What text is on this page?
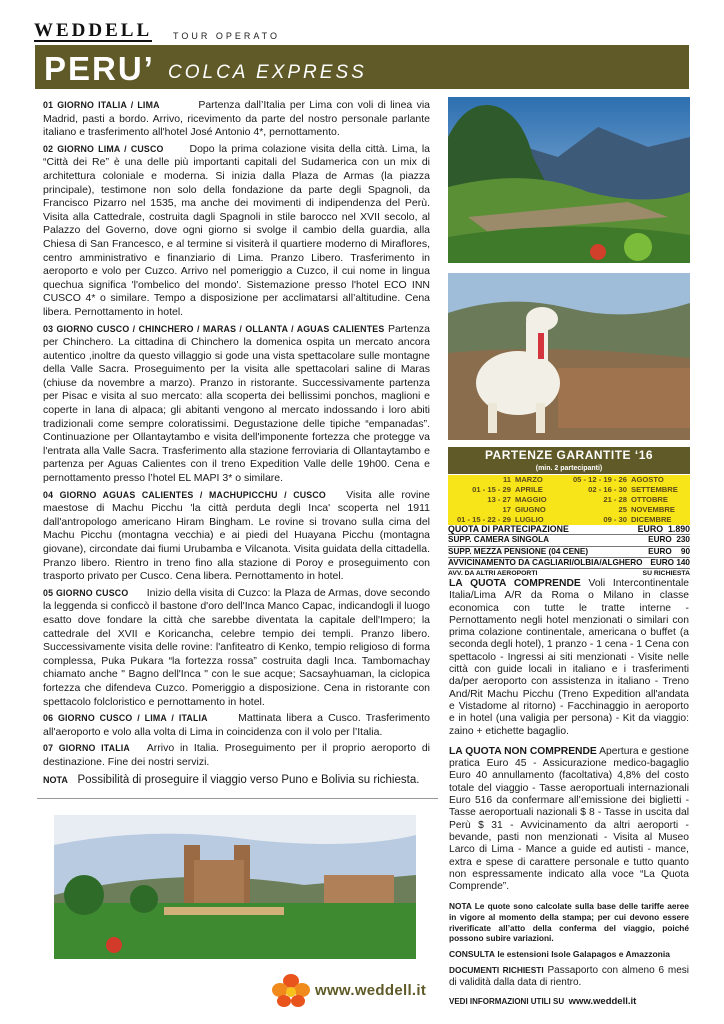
WEDDELL TOUR OPERATO
PERU’ COLCA EXPRESS

01 GIORNO ITALIA / LIMA	Partenza dall’Italia per Lima con voli di linea via Madrid, pasti a bordo. Arrivo, ricevimento da parte del nostro personale parlante italiano e trasferimento all'hotel José Antonio 4*, pernottamento.

02 GIORNO LIMA / CUSCO Dopo la prima colazione visita della città. Lima, la “Città dei Re” è una delle più importanti capitali del Sudamerica con un mix di architettura coloniale e moderna. Si inizia dalla Plaza de Armas (la piazza principale), testimone non solo della fondazione da parte degli Spagnoli, da Francisco Pizarro nel 1535, ma anche dei movimenti di indipendenza del Perù. Visita alla Cattedrale, costruita dagli Spagnoli in stile barocco nel XVII secolo, al Palazzo del Governo, dove ogni giorno si svolge il cambio della guardia, alla Chiesa di San Francesco, e al termine si visiterà il quartiere moderno di Miraflores, centro amministrativo e finanziario di Lima. Pranzo Libero. Trasferimento in aeroporto e volo per Cuzco. Arrivo nel pomeriggio a Cuzco, il cui nome in lingua quechua significa 'l'ombelico del mondo'. Sistemazione presso l'hotel ECO INN CUSCO 4* o similare. Tempo a disposizione per acclimatarsi all’altitudine. Cena libera. Pernottamento in hotel.

03 GIORNO CUSCO / CHINCHERO / MARAS / OLLANTA / AGUAS CALIENTES Partenza per Chinchero. La cittadina di Chinchero la domenica ospita un mercato ancora autentico ,inoltre da questo villaggio si gode una vista spettacolare sulle montagne della Valle Sacra. Proseguimento per la visita alle spettacolari saline di Maras (chiuse da novembre a marzo). Pranzo in ristorante. Successivamente partenza per Pisac e visita al suo mercato: alla scoperta dei bellissimi ponchos, maglioni e coperte in lana di alpaca; gli abitanti vengono al mercato indossando i loro abiti tradizionali come sempre coloratissimi. Degustazione delle tipiche “empanadas”. Continuazione per Ollantaytambo e visita dell'imponente fortezza che protegge va l'entrata alla Valle Sacra. Trasferimento alla stazione ferroviaria di Ollantaytambo e partenza per Aguas Calientes con il treno Expedition Valle delle 19h00. Cena e pernottamento presso l’hotel EL MAPI 3* o similare.

04 GIORNO AGUAS CALIENTES / MACHUPICCHU / CUSCO Visita alle rovine maestose di Machu Picchu 'la città perduta degli Inca' scoperta nel 1911 dall'antropologo americano Hiram Bingham. Le rovine si trovano sulla cima del Machu Picchu (montagna vecchia) e ai piedi del Huayana Picchu (montagna giovane), circondate dai fiumi Urubamba e Vilcanota. Visita guidata della cittadella. Pranzo libero. Rientro in treno fino alla stazione di Poroy e proseguimento con trasporto privato per Cusco. Cena libera. Pernottamento in hotel.

05 GIORNO CUSCO Inizio della visita di Cuzco: la Plaza de Armas, dove secondo la leggenda si conficcò il bastone d'oro dell'Inca Manco Capac, indicandogli il luogo esatto dove fondare la città che sarebbe diventata la capitale dell'Impero; la cattedrale del XVII e Koricancha, celebre tempio dei templi. Pranzo libero. Successivamente visita delle rovine: l'anfiteatro di Kenko, tempio religioso di forma complessa, Puka Pukara “la fortezza rossa” costruita dagli Inca. Tambomachay chiamato anche " Bagno dell'Inca " con le sue acque; Sacsayhuaman, la ciclopica fortezza che difendeva Cuzco. Pomeriggio a disposizione. Cena in ristorante con spettacolo folcloristico e pernottamento in hotel.

06 GIORNO CUSCO / LIMA / ITALIA	Mattinata libera a Cusco. Trasferimento all'aeroporto e volo alla volta di Lima in coincidenza con il volo per l’Italia.

07 GIORNO ITALIA Arrivo in Italia. Proseguimento per il proprio aeroporto di destinazione. Fine dei nostri servizi.

NOTA Possibilità di proseguire il viaggio verso Puno e Bolivia su richiesta.

PARTENZE GARANTITE ‘16
(min. 2 partecipanti)
11	MARZO	05 - 12 - 19 - 26	AGOSTO
01 - 15 - 29	APRILE	02 - 16 - 30	SETTEMBRE
13 - 27	MAGGIO	21 - 28	OTTOBRE
17	GIUGNO	25	NOVEMBRE
01 - 15 - 22 - 29	LUGLIO	09 - 30	DICEMBRE
QUOTA DI PARTECIPAZIONE	EURO 1.890
SUPP. CAMERA SINGOLA	EURO 230
SUPP. MEZZA PENSIONE (04 CENE)	EURO 90
AVVICINAMENTO DA CAGLIARI/OLBIA/ALGHERO EURO 140
AVV. DA ALTRI AEROPORTI	SU RICHIESTA

LA QUOTA COMPRENDE Voli Intercontinentale Italia/Lima A/R da Roma o Milano in classe economica con tutte le tratte interne - Pernottamento negli hotel menzionati o similari con prima colazione continentale, americana o buffet (a seconda degli hotel), 1 pranzo - 1 cena - 1 Cena con spettacolo - Ingressi ai siti menzionati - Visite nelle città con guide locali in italiano e i trasferimenti da/per aeroporto con assistenza in italiano - Treno And/Rit Machu Picchu (Treno Expedition all'andata e Vistadome al ritorno) - Facchinaggio in aeroporto e in hotel (una valigia per persona) - Kit da viaggio: zaino + etichette bagaglio.

LA QUOTA NON COMPRENDE Apertura e gestione pratica Euro 45 - Assicurazione medico-bagaglio Euro 40 annullamento (facoltativa) 4,8% del costo totale del viaggio - Tasse aeroportuali internazionali Euro 516 da confermare all’emissione dei biglietti - Tasse aeroportuali nazionali $ 8 - Tasse in uscita dal Perù $ 31 - Avvicinamento da altri aeroporti - bevande, pasti non menzionati - Visita al Museo Larco di Lima - Mance a guide ed autisti - mance, extra e spese di carattere personale e tutto quanto non espressamente indicato alla voce “La Quota Comprende”.

NOTA Le quote sono calcolate sulla base delle tariffe aeree in vigore al momento della stampa; per cui devono essere riverificate all’atto della conferma del viaggio, poiché possono subire variazioni.

CONSULTA le estensioni Isole Galapagos e Amazzonia

DOCUMENTI RICHIESTI Passaporto con almeno 6 mesi di validità dalla data di rientro.

VEDI INFORMAZIONI UTILI SU www.weddell.it

www.weddell.it
